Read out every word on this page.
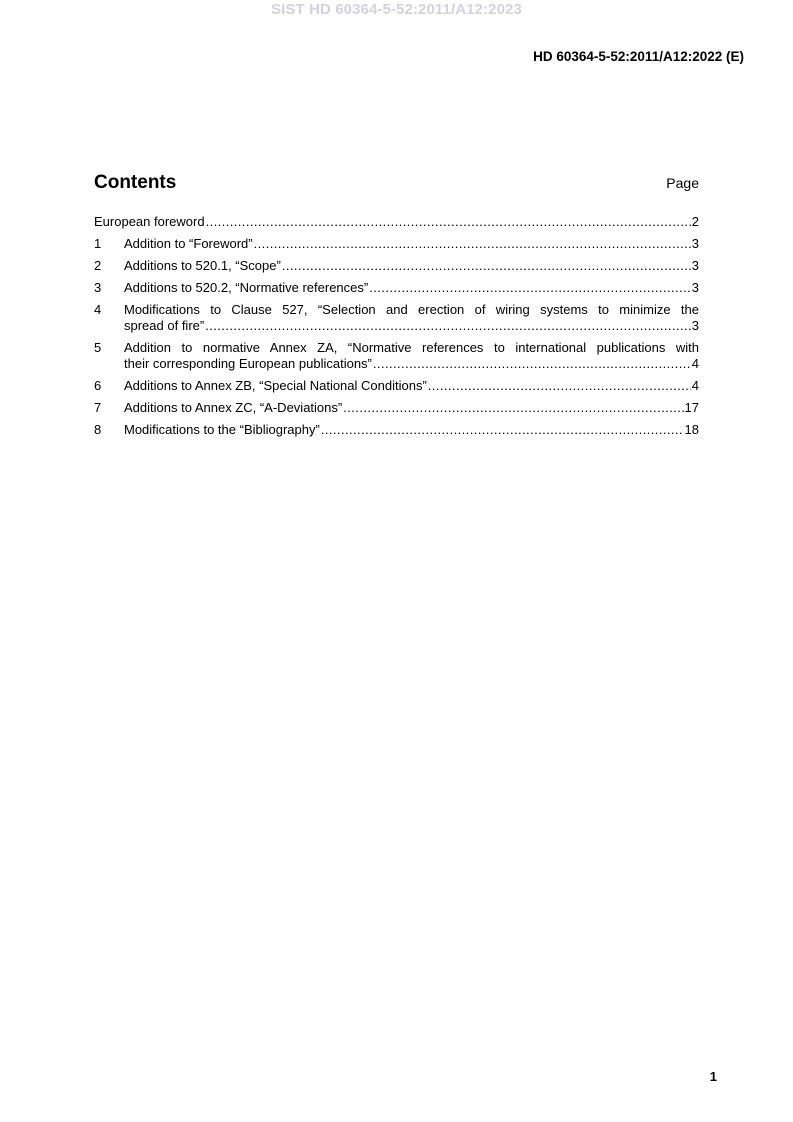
SIST HD 60364-5-52:2011/A12:2023
HD 60364-5-52:2011/A12:2022 (E)
Contents	Page
European foreword . . .	2
1	Addition to “Foreword” . . .	3
2	Additions to 520.1, “Scope” . . .	3
3	Additions to 520.2, “Normative references” . . .	3
4	Modifications to Clause 527, “Selection and erection of wiring systems to minimize the
spread of fire” . . .	3
5	Addition to normative Annex ZA, “Normative references to international publications with
their corresponding European publications” . . .	4
6	Additions to Annex ZB, “Special National Conditions” . . .	4
7	Additions to Annex ZC, “A-Deviations” . . .	17
8	Modifications to the “Bibliography” . . .	18
1
